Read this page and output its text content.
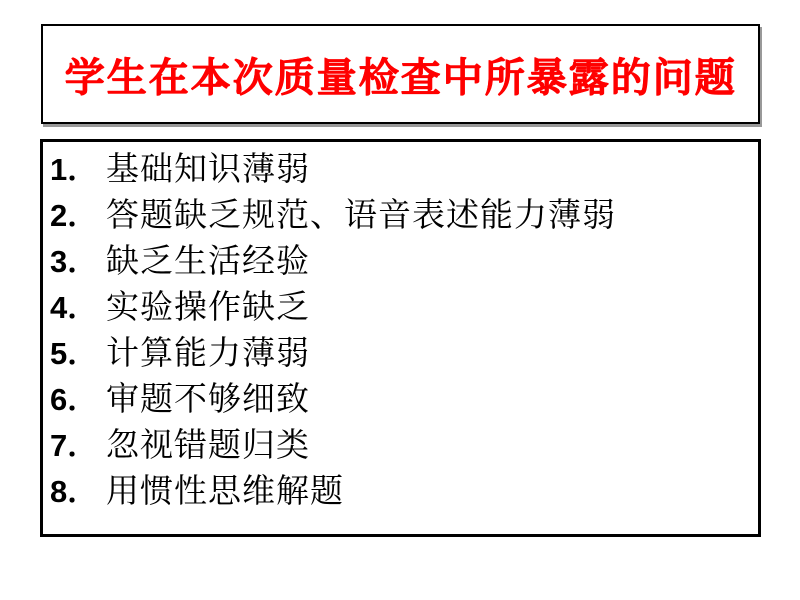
学生在本次质量检查中所暴露的问题
1． 基础知识薄弱
2． 答题缺乏规范、语音表述能力薄弱
3． 缺乏生活经验
4． 实验操作缺乏
5． 计算能力薄弱
6． 审题不够细致
7． 忽视错题归类
8． 用惯性思维解题
